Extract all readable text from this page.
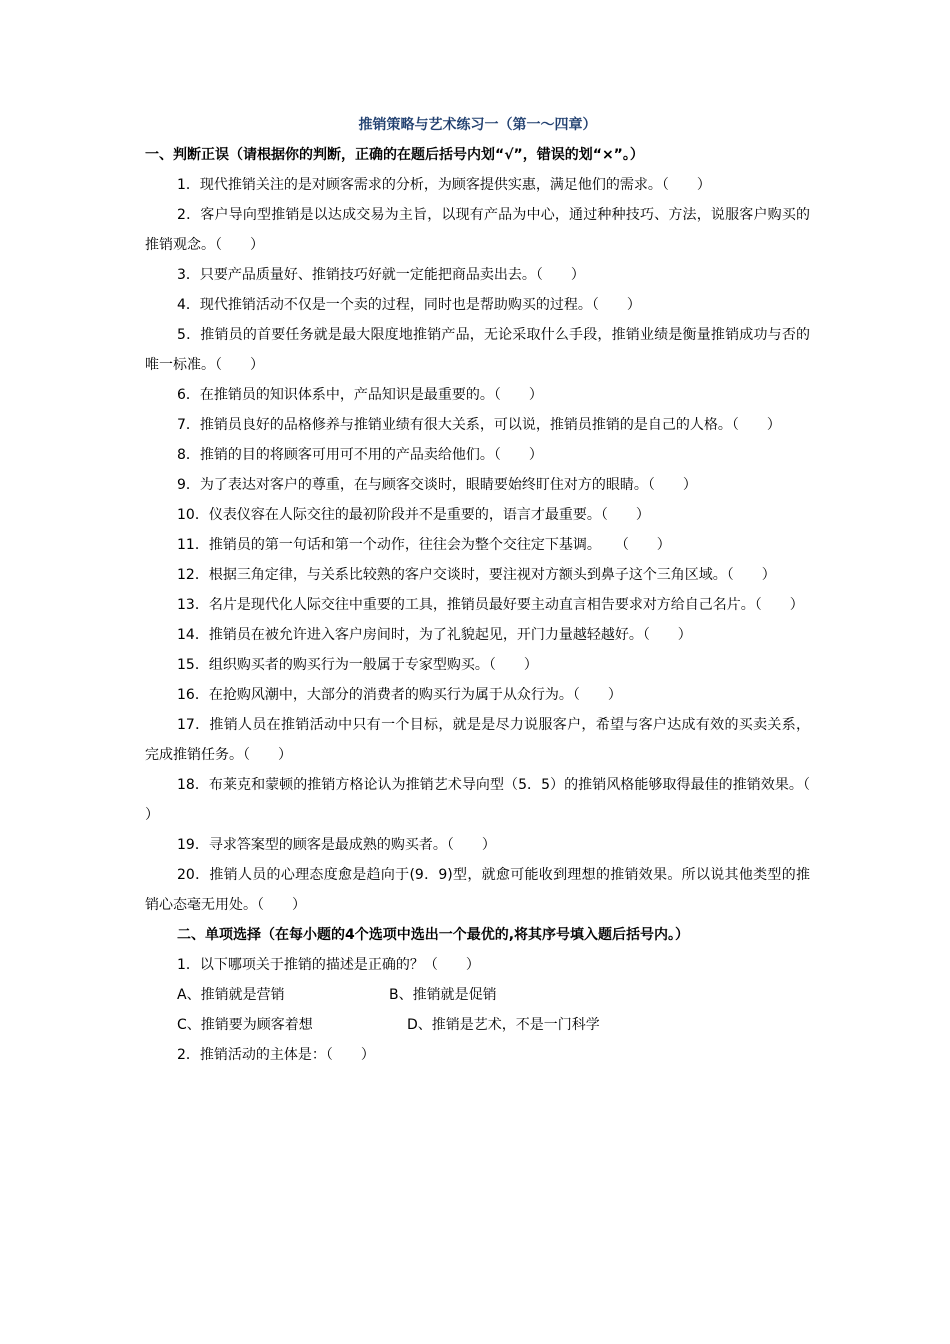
推销策略与艺术练习一（第一～四章）
一、判断正误（请根据你的判断，正确的在题后括号内划“√”，错误的划“×”。）

1．现代推销关注的是对顾客需求的分析，为顾客提供实惠，满足他们的需求。（　　）

2．客户导向型推销是以达成交易为主旨，以现有产品为中心，通过种种技巧、方法，说服客户购买的推销观念。（　　）

3．只要产品质量好、推销技巧好就一定能把商品卖出去。（　　）

4．现代推销活动不仅是一个卖的过程，同时也是帮助购买的过程。（　　）

5．推销员的首要任务就是最大限度地推销产品，无论采取什么手段，推销业绩是衡量推销成功与否的唯一标准。（　　）

6．在推销员的知识体系中，产品知识是最重要的。（　　）

7．推销员良好的品格修养与推销业绩有很大关系，可以说，推销员推销的是自己的人格。（　　）

8．推销的目的将顾客可用可不用的产品卖给他们。（　　）

9．为了表达对客户的尊重，在与顾客交谈时，眼睛要始终盯住对方的眼睛。（　　）

10．仪表仪容在人际交往的最初阶段并不是重要的，语言才最重要。（　　）

11．推销员的第一句话和第一个动作，往往会为整个交往定下基调。　　（　　）

12．根据三角定律，与关系比较熟的客户交谈时，要注视对方额头到鼻子这个三角区域。（　　）

13．名片是现代化人际交往中重要的工具，推销员最好要主动直言相告要求对方给自己名片。（　　）

14．推销员在被允许进入客户房间时，为了礼貌起见，开门力量越轻越好。（　　）

15．组织购买者的购买行为一般属于专家型购买。（　　）

16．在抢购风潮中，大部分的消费者的购买行为属于从众行为。（　　）

17．推销人员在推销活动中只有一个目标，就是是尽力说服客户，希望与客户达成有效的买卖关系，完成推销任务。（　　）

18．布莱克和蒙顿的推销方格论认为推销艺术导向型（5．5）的推销风格能够取得最佳的推销效果。（　　）

19．寻求答案型的顾客是最成熟的购买者。（　　）

20．推销人员的心理态度愈是趋向于(9．9)型，就愈可能收到理想的推销效果。所以说其他类型的推销心态毫无用处。（　　）

二、单项选择（在每小题的4个选项中选出一个最优的,将其序号填入题后括号内。）

1．以下哪项关于推销的描述是正确的？（　　）

A、推销就是营销	B、推销就是促销
C、推销要为顾客着想	D、推销是艺术，不是一门科学

2．推销活动的主体是：（　　）
